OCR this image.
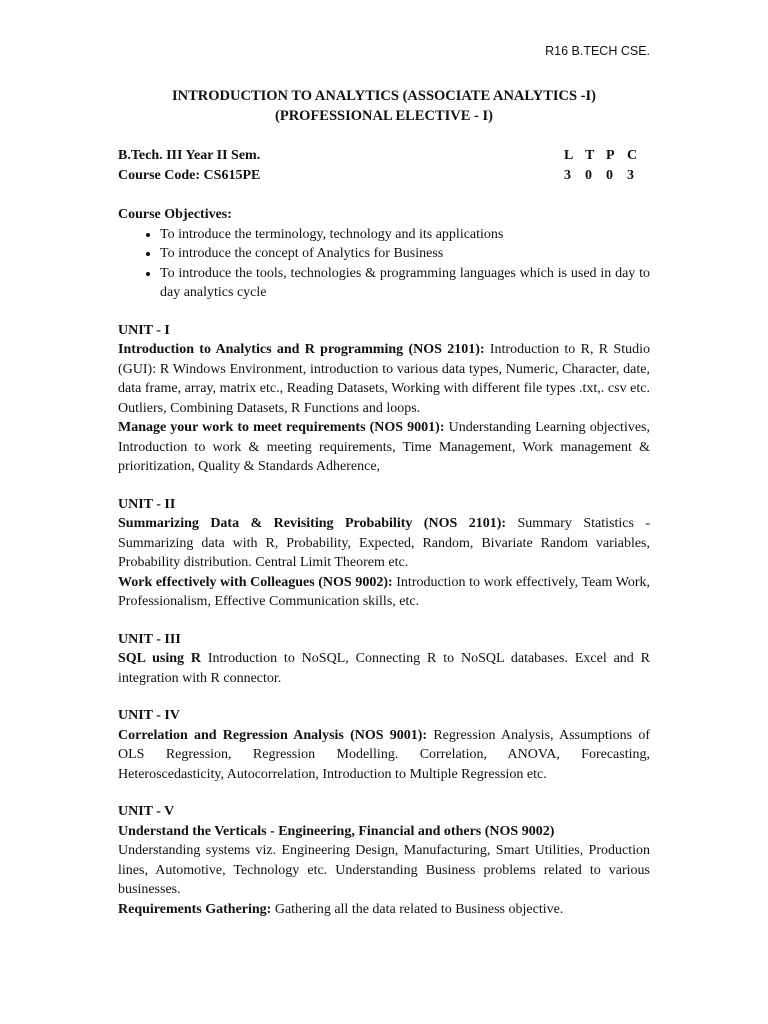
R16 B.TECH CSE.
INTRODUCTION TO ANALYTICS (ASSOCIATE ANALYTICS -I)
(PROFESSIONAL ELECTIVE - I)
B.Tech. III Year II Sem.	L T P C
Course Code: CS615PE	3	0	0	3
Course Objectives:
• To introduce the terminology, technology and its applications
• To introduce the concept of Analytics for Business
• To introduce the tools, technologies & programming languages which is used in day to day analytics cycle
UNIT - I

Introduction to Analytics and R programming (NOS 2101): Introduction to R, R Studio (GUI): R Windows Environment, introduction to various data types, Numeric, Character, date, data frame, array, matrix etc., Reading Datasets, Working with different file types .txt,. csv etc. Outliers, Combining Datasets, R Functions and loops.

Manage your work to meet requirements (NOS 9001): Understanding Learning objectives, Introduction to work & meeting requirements, Time Management, Work management & prioritization, Quality & Standards Adherence,

UNIT - II

Summarizing Data & Revisiting Probability (NOS 2101): Summary Statistics - Summarizing data with R, Probability, Expected, Random, Bivariate Random variables, Probability distribution. Central Limit Theorem etc.

Work effectively with Colleagues (NOS 9002): Introduction to work effectively, Team Work, Professionalism, Effective Communication skills, etc.

UNIT - III

SQL using R Introduction to NoSQL, Connecting R to NoSQL databases. Excel and R integration with R connector.

UNIT - IV

Correlation and Regression Analysis (NOS 9001): Regression Analysis, Assumptions of OLS Regression, Regression Modelling. Correlation, ANOVA, Forecasting, Heteroscedasticity, Autocorrelation, Introduction to Multiple Regression etc.

UNIT - V

Understand the Verticals - Engineering, Financial and others (NOS 9002)

Understanding systems viz. Engineering Design, Manufacturing, Smart Utilities, Production lines, Automotive, Technology etc. Understanding Business problems related to various businesses.

Requirements Gathering: Gathering all the data related to Business objective.
